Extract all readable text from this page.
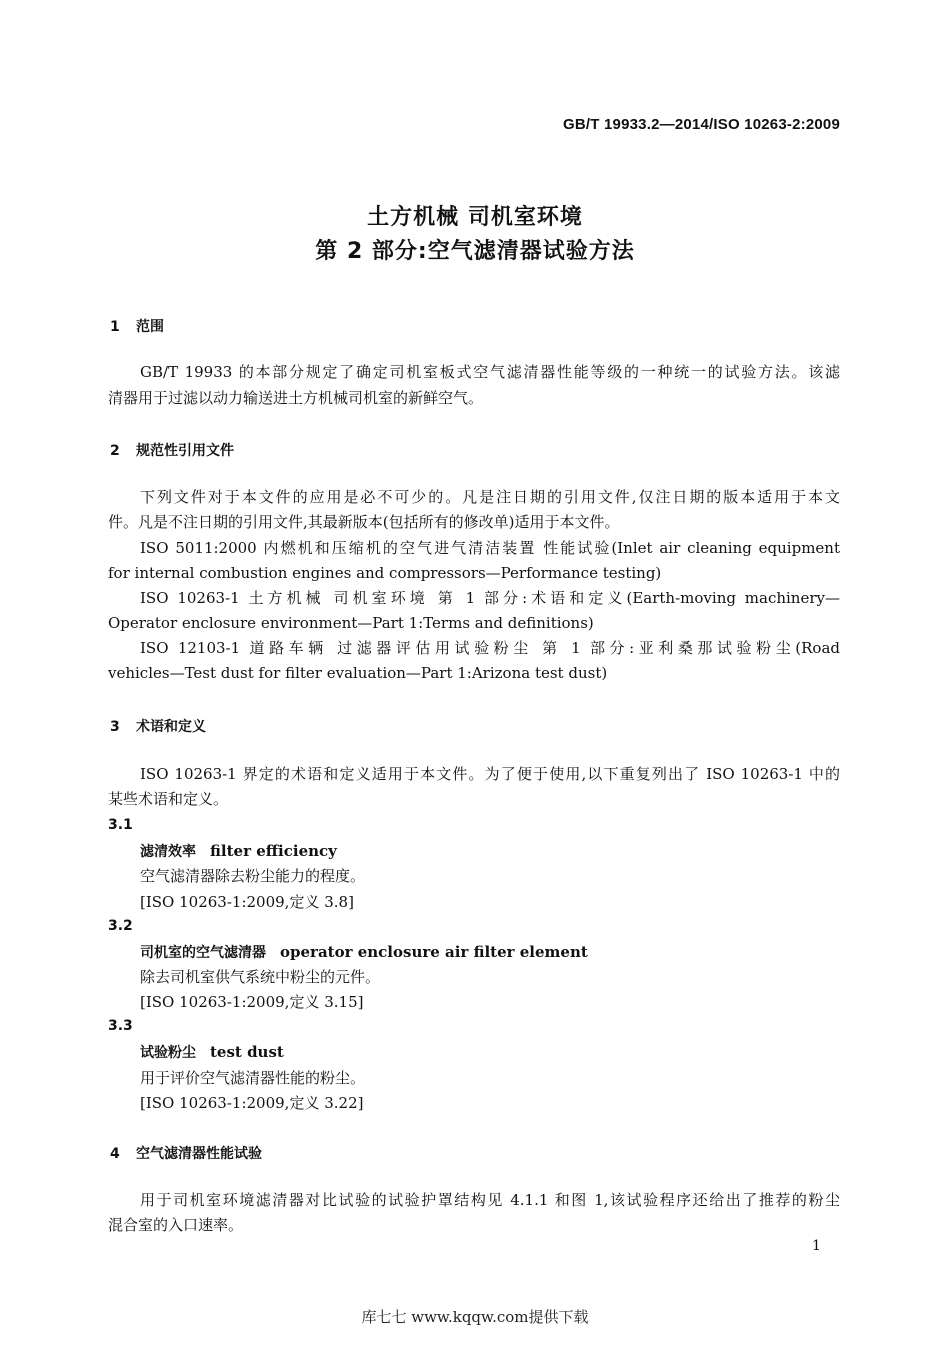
GB/T 19933.2—2014/ISO 10263-2:2009
土方机械 司机室环境
第 2 部分:空气滤清器试验方法
1 范围
GB/T 19933 的本部分规定了确定司机室板式空气滤清器性能等级的一种统一的试验方法。该滤
清器用于过滤以动力输送进土方机械司机室的新鲜空气。
2 规范性引用文件
下列文件对于本文件的应用是必不可少的。凡是注日期的引用文件,仅注日期的版本适用于本文
件。凡是不注日期的引用文件,其最新版本(包括所有的修改单)适用于本文件。
ISO 5011:2000 内燃机和压缩机的空气进气清洁装置 性能试验(Inlet air cleaning equipment
for internal combustion engines and compressors—Performance testing)
ISO 10263-1 土方机械 司机室环境 第 1 部分:术语和定义(Earth-moving machinery—
Operator enclosure environment—Part 1:Terms and definitions)
ISO 12103-1 道路车辆 过滤器评估用试验粉尘 第 1 部分:亚利桑那试验粉尘(Road
vehicles—Test dust for filter evaluation—Part 1:Arizona test dust)
3 术语和定义
ISO 10263-1 界定的术语和定义适用于本文件。为了便于使用,以下重复列出了 ISO 10263-1 中的
某些术语和定义。
3.1
滤清效率 filter efficiency
空气滤清器除去粉尘能力的程度。
[ISO 10263-1:2009,定义 3.8]
3.2
司机室的空气滤清器 operator enclosure air filter element
除去司机室供气系统中粉尘的元件。
[ISO 10263-1:2009,定义 3.15]
3.3
试验粉尘 test dust
用于评价空气滤清器性能的粉尘。
[ISO 10263-1:2009,定义 3.22]
4 空气滤清器性能试验
用于司机室环境滤清器对比试验的试验护罩结构见 4.1.1 和图 1,该试验程序还给出了推荐的粉尘
混合室的入口速率。
1
库七七 www.kqqw.com提供下载
